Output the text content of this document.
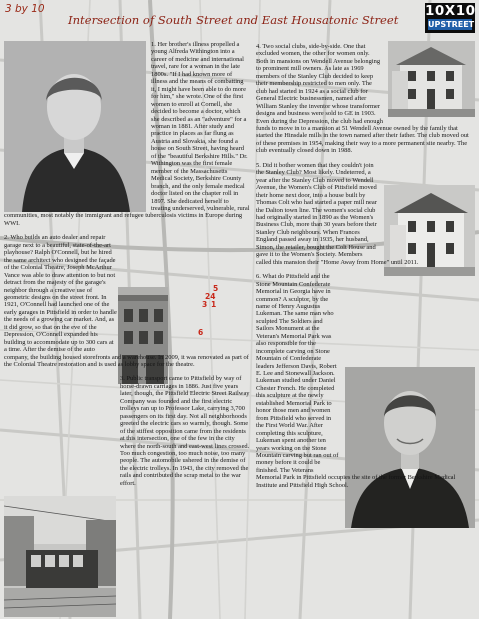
3 by 10
Intersection of South Street and East Housatonic Street
10X10
UPSTREET
5
24
3 1
6

1. Her brother's illness propelled a young Alfreda Withington into a career of medicine and international travel, rare for a woman in the late 1800s. "If I had known more of illness and the means of combatting it, I might have been able to do more for him," she wrote. One of the first women to enroll at Cornell, she decided to become a doctor, which she described as an "adventure" for a woman in 1881. After study and practice in places as far flung as Austria and Slovakia, she found a house on South Street, having heard of the "beautiful Berkshire Hills." Dr. Withington was the first female member of the Massachusetts Medical Society, Berkshire County branch, and the only female medical doctor listed on the chapter roll in 1897. She dedicated herself to treating underserved, vulnerable, rural communities, most notably the immigrant and refugee tuberculosis victims in Europe during WWI.

2. Who builds an auto dealer and repair garage next to a beautiful, state-of-the-art playhouse? Ralph O'Connell, but he hired the same architect who designed the façade of the Colonial Theatre, Joseph McArthur Vance was able to draw attention to but not detract from the majesty of the garage's neighbor through a creative use of geometric designs on the street front. In 1921, O'Connell had launched one of the early garages in Pittsfield in order to handle the needs of a growing car market. And, as it did grow, so that on the eve of the Depression, O'Connell expanded his building to accommodate up to 300 cars at a time. After the demise of the auto company, the building housed storefronts and a warehouse. In 2009, it was renovated as part of the Colonial Theatre restoration and is used as lobby space for the theatre.

3. Public transport came to Pittsfield by way of horse-drawn carriages in 1886. Just five years later, though, the Pittsfield Electric Street Railway Company was founded and the first electric trolleys ran up to Professor Lake, carrying 3,700 passengers on its first day. Not all neighborhoods greeted the electric cars so warmly, though. Some of the stiffest opposition came from the residents at this intersection, one of the few in the city where the north-south and east-west lines crossed. Too much congestion, too much noise, too many people. The automobile ushered in the demise of the electric trolleys. In 1943, the city removed the rails and contributed the scrap metal to the war effort.

4. Two social clubs, side-by-side. One that excluded women, the other for women only. Both in mansions on Wendell Avenue belonging to prominent mill owners. As late as 1969 members of the Stanley Club decided to keep their membership restricted to men only. The club had started in 1924 as a social club for General Electric businessmen, named after William Stanley the inventor whose transformer designs and business were sold to GE in 1903. Even during the Depression, the club had enough funds to move in to a mansion at 51 Wendell Avenue owned by the family that started the Hinsdale mills in the town named after their father. The club moved out of these premises in 1954, making their way to a more permanent site nearby. The club eventually closed down in 1988.

5. Did it bother women that they couldn't join the Stanley Club? Most likely. Undeterred, a year after the Stanley Club moved to Wendell Avenue, the Women's Club of Pittsfield moved their home next door, into a house built by Thomas Colt who had started a paper mill near the Dalton town line. The women's social club had originally started in 1890 as the Women's Business Club, more than 30 years before their Stanley Club neighbours. When Frances England passed away in 1935, her husband, Simon, the retailer, bought the Colt House and gave it to the Women's Society. Members called this mansion their "Home Away from Home" until 2011.

6. What do Pittsfield and the Stone Mountain Confederate Memorial in Georgia have in common? A sculptor, by the name of Henry Augustus Lukeman. The same man who sculpted The Soldiers and Sailors Monument at the Veteran's Memorial Park was also responsible for the incomplete carving on Stone Mountain of Confederate leaders Jefferson Davis, Robert E. Lee and Stonewall Jackson. Lukeman studied under Daniel Chester French. He completed this sculpture at the newly established Memorial Park to honor those men and women from Pittsfield who served in the First World War. After completing this sculpture, Lukeman spent another ten years working on the Stone Mountain carving but ran out of money before it could be finished. The Veterans Memorial Park in Pittsfield occupies the site of the former Berkshire Medical Institute and Pittsfield High School.
